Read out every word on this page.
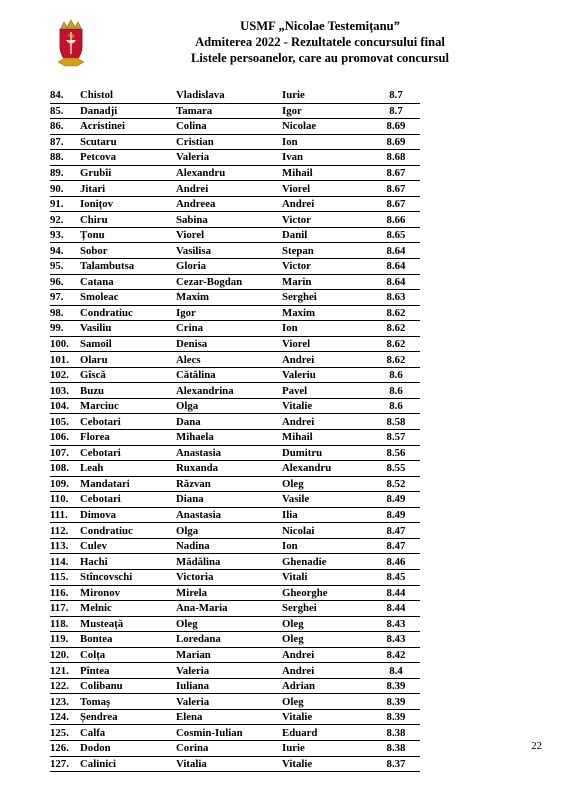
USMF „Nicolae Testemițanu”
Admiterea 2022 - Rezultatele concursului final
Listele persoanelor, care au promovat concursul
84.	Chistol	Vladislava	Iurie	8.7
85.	Danadji	Tamara	Igor	8.7
86.	Acristinei	Colina	Nicolae	8.69
87.	Scutaru	Cristian	Ion	8.69
88.	Petcova	Valeria	Ivan	8.68
89.	Grubîi	Alexandru	Mihail	8.67
90.	Jitari	Andrei	Viorel	8.67
91.	Ionițov	Andreea	Andrei	8.67
92.	Chiru	Sabina	Victor	8.66
93.	Țonu	Viorel	Danil	8.65
94.	Sobor	Vasilisa	Stepan	8.64
95.	Talambutsa	Gloria	Victor	8.64
96.	Catana	Cezar-Bogdan	Marin	8.64
97.	Smoleac	Maxim	Serghei	8.63
98.	Condratiuc	Igor	Maxim	8.62
99.	Vasiliu	Crina	Ion	8.62
100.	Samoil	Denisa	Viorel	8.62
101.	Olaru	Alecs	Andrei	8.62
102.	Gîscă	Cătălina	Valeriu	8.6
103.	Buzu	Alexandrina	Pavel	8.6
104.	Marciuc	Olga	Vitalie	8.6
105.	Cebotari	Dana	Andrei	8.58
106.	Florea	Mihaela	Mihail	8.57
107.	Cebotari	Anastasia	Dumitru	8.56
108.	Leah	Ruxanda	Alexandru	8.55
109.	Mandatari	Răzvan	Oleg	8.52
110.	Cebotari	Diana	Vasile	8.49
111.	Dimova	Anastasia	Ilia	8.49
112.	Condratiuc	Olga	Nicolai	8.47
113.	Culev	Nadina	Ion	8.47
114.	Hachi	Mădălina	Ghenadie	8.46
115.	Stîncovschi	Victoria	Vitali	8.45
116.	Mironov	Mirela	Gheorghe	8.44
117.	Melnic	Ana-Maria	Serghei	8.44
118.	Musteață	Oleg	Oleg	8.43
119.	Bontea	Loredana	Oleg	8.43
120.	Colța	Marian	Andrei	8.42
121.	Pîntea	Valeria	Andrei	8.4
122.	Colibanu	Iuliana	Adrian	8.39
123.	Tomaș	Valeria	Oleg	8.39
124.	Șendrea	Elena	Vitalie	8.39
125.	Calfa	Cosmin-Iulian	Eduard	8.38
126.	Dodon	Corina	Iurie	8.38
127.	Calinici	Vitalia	Vitalie	8.37
22
